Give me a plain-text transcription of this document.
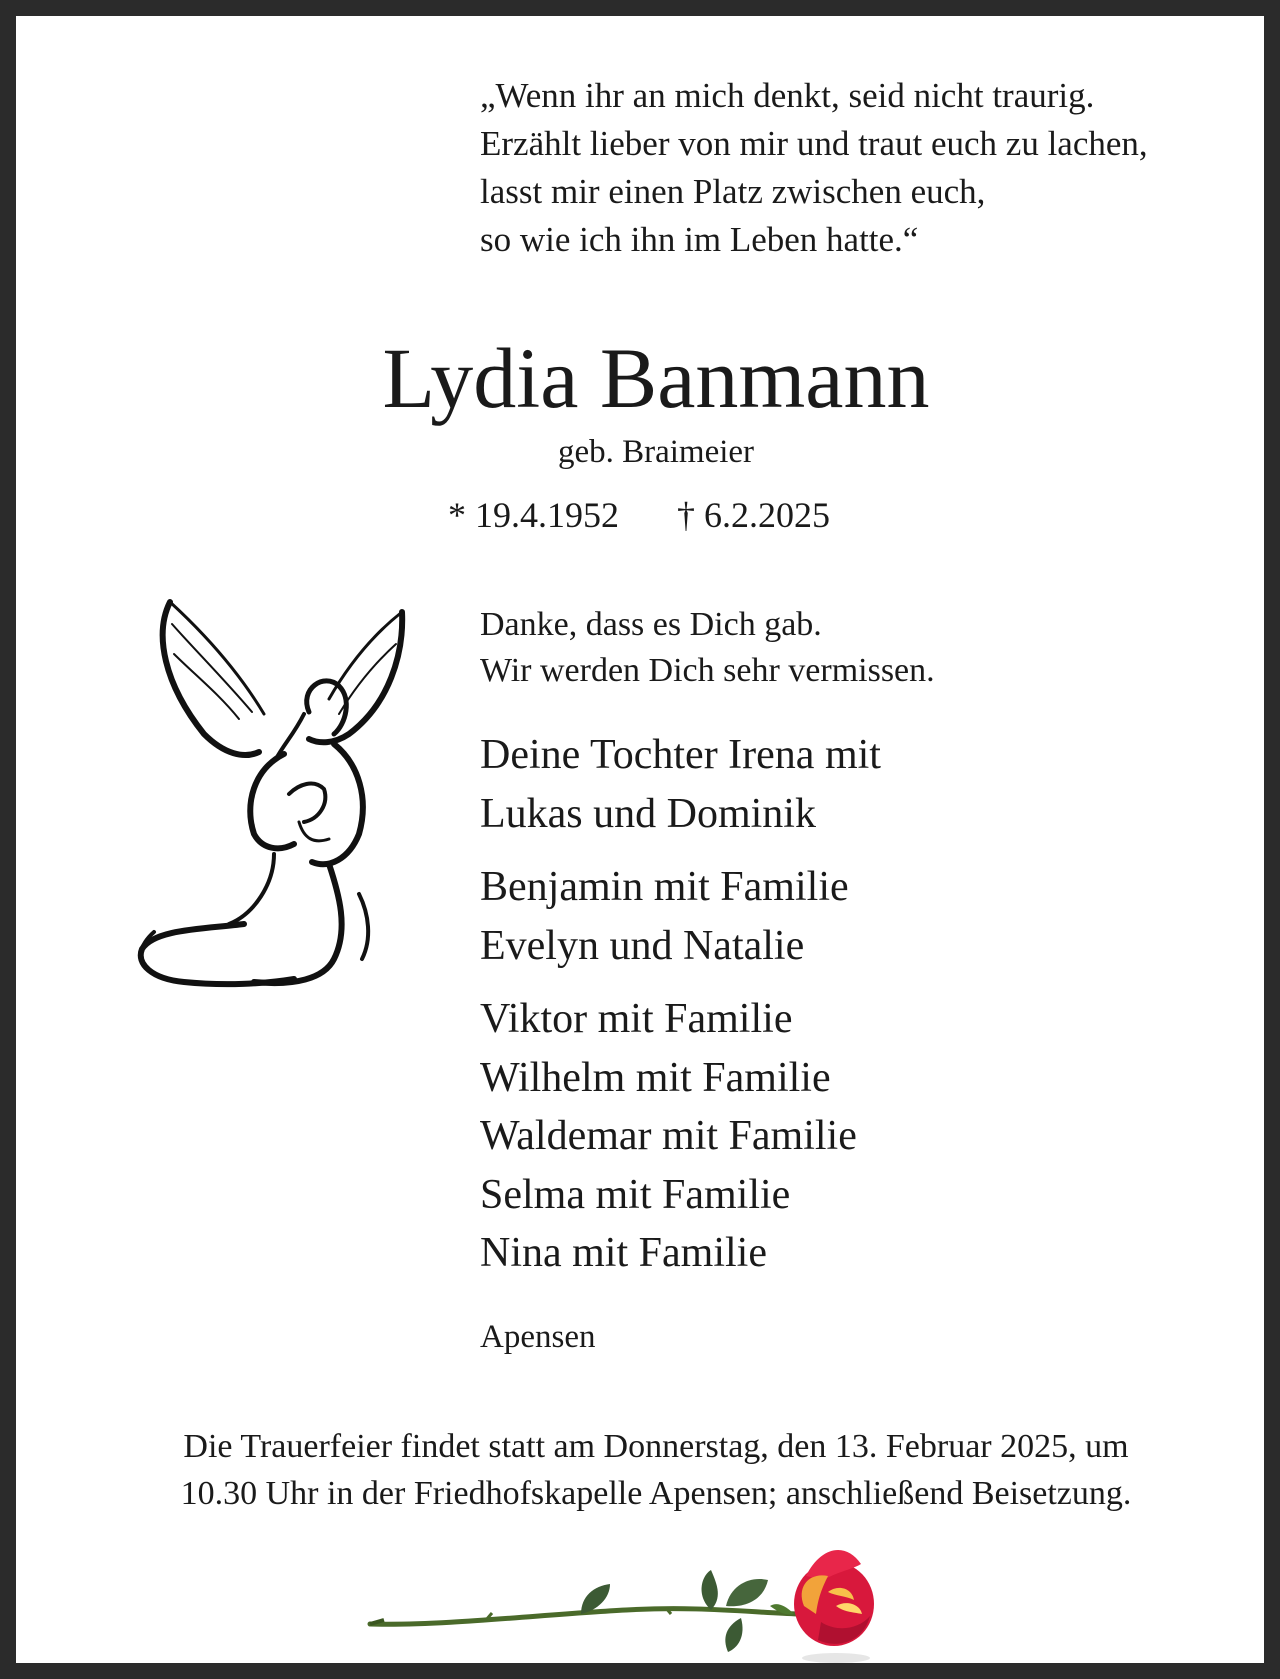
„Wenn ihr an mich denkt, seid nicht traurig.
Erzählt lieber von mir und traut euch zu lachen,
lasst mir einen Platz zwischen euch,
so wie ich ihn im Leben hatte.“
Lydia Banmann
geb. Braimeier
* 19.4.1952 † 6.2.2025
Danke, dass es Dich gab.
Wir werden Dich sehr vermissen.
Deine Tochter Irena mit
Lukas und Dominik
Benjamin mit Familie
Evelyn und Natalie
Viktor mit Familie
Wilhelm mit Familie
Waldemar mit Familie
Selma mit Familie
Nina mit Familie
Apensen
Die Trauerfeier findet statt am Donnerstag, den 13. Februar 2025, um
10.30 Uhr in der Friedhofskapelle Apensen; anschließend Beisetzung.
